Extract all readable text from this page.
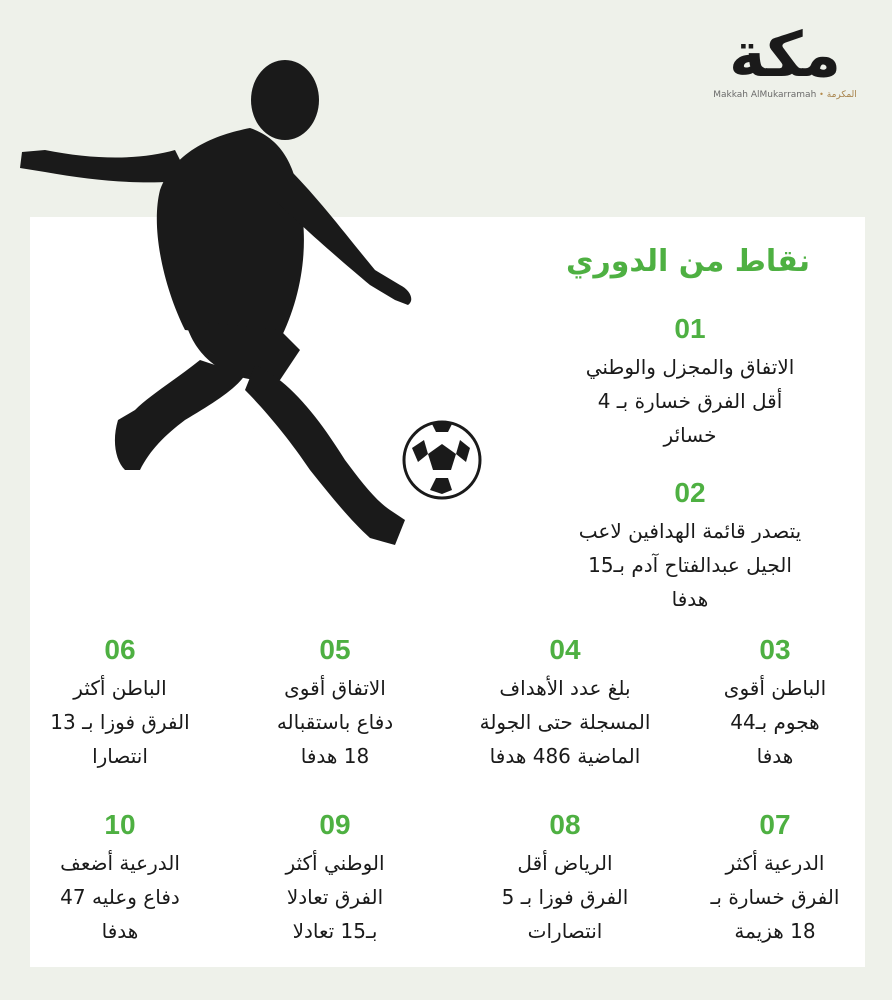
مكة
Makkah AlMukarramah • المكرمة
نقاط من الدوري
01
الاتفاق والمجزل والوطني
أقل الفرق خسارة بـ 4
خسائر
02
يتصدر قائمة الهدافين لاعب
الجيل عبدالفتاح آدم بـ15
هدفا
03
الباطن أقوى
هجوم بـ44
هدفا
04
بلغ عدد الأهداف
المسجلة حتى الجولة
الماضية 486 هدفا
05
الاتفاق أقوى
دفاع باستقباله
18 هدفا
06
الباطن أكثر
الفرق فوزا بـ 13
انتصارا
07
الدرعية أكثر
الفرق خسارة بـ
18 هزيمة
08
الرياض أقل
الفرق فوزا بـ 5
انتصارات
09
الوطني أكثر
الفرق تعادلا
بـ15 تعادلا
10
الدرعية أضعف
دفاع وعليه 47
هدفا
